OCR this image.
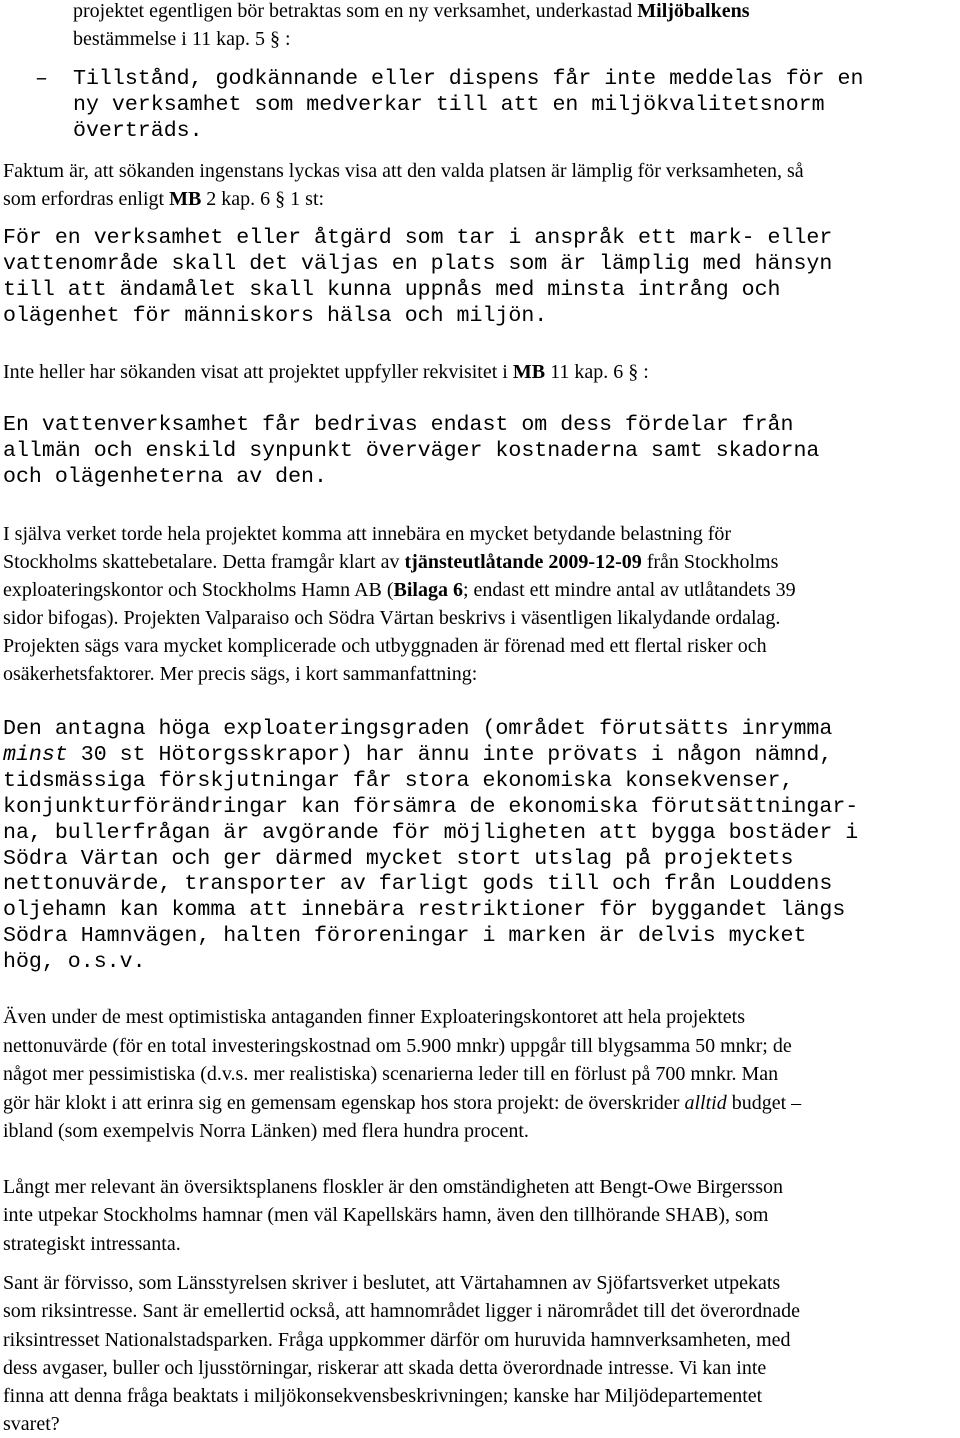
projektet egentligen bör betraktas som en ny verksamhet, underkastad Miljöbalkens
bestämmelse i 11 kap. 5 § :
– Tillstånd, godkännande eller dispens får inte meddelas för en
ny verksamhet som medverkar till att en miljökvalitetsnorm
överträds.
Faktum är, att sökanden ingenstans lyckas visa att den valda platsen är lämplig för verksamheten, så
som erfordras enligt MB 2 kap. 6 § 1 st:
För en verksamhet eller åtgärd som tar i anspråk ett mark- eller
vattenområde skall det väljas en plats som är lämplig med hänsyn
till att ändamålet skall kunna uppnås med minsta intrång och
olägenhet för människors hälsa och miljön.
Inte heller har sökanden visat att projektet uppfyller rekvisitet i MB 11 kap. 6 § :
En vattenverksamhet får bedrivas endast om dess fördelar från
allmän och enskild synpunkt överväger kostnaderna samt skadorna
och olägenheterna av den.
I själva verket torde hela projektet komma att innebära en mycket betydande belastning för
Stockholms skattebetalare. Detta framgår klart av tjänsteutlåtande 2009-12-09 från Stockholms
exploateringskontor och Stockholms Hamn AB (Bilaga 6; endast ett mindre antal av utlåtandets 39
sidor bifogas). Projekten Valparaiso och Södra Värtan beskrivs i väsentligen likalydande ordalag.
Projekten sägs vara mycket komplicerade och utbyggnaden är förenad med ett flertal risker och
osäkerhetsfaktorer. Mer precis sägs, i kort sammanfattning:
Den antagna höga exploateringsgraden (området förutsätts inrymma
minst 30 st Hötorgsskrapor) har ännu inte prövats i någon nämnd,
tidsmässiga förskjutningar får stora ekonomiska konsekvenser,
konjunkturförändringar kan försämra de ekonomiska förutsättningar-
na, bullerfrågan är avgörande för möjligheten att bygga bostäder i
Södra Värtan och ger därmed mycket stort utslag på projektets
nettonuvärde, transporter av farligt gods till och från Louddens
oljehamn kan komma att innebära restriktioner för byggandet längs
Södra Hamnvägen, halten föroreningar i marken är delvis mycket
hög, o.s.v.
Även under de mest optimistiska antaganden finner Exploateringskontoret att hela projektets
nettonuvärde (för en total investeringskostnad om 5.900 mnkr) uppgår till blygsamma 50 mnkr; de
något mer pessimistiska (d.v.s. mer realistiska) scenarierna leder till en förlust på 700 mnkr. Man
gör här klokt i att erinra sig en gemensam egenskap hos stora projekt: de överskrider alltid budget –
ibland (som exempelvis Norra Länken) med flera hundra procent.
Långt mer relevant än översiktsplanens floskler är den omständigheten att Bengt-Owe Birgersson
inte utpekar Stockholms hamnar (men väl Kapellskärs hamn, även den tillhörande SHAB), som
strategiskt intressanta.
Sant är förvisso, som Länsstyrelsen skriver i beslutet, att Värtahamnen av Sjöfartsverket utpekats
som riksintresse. Sant är emellertid också, att hamnområdet ligger i närområdet till det överordnade
riksintresset Nationalstadsparken. Fråga uppkommer därför om huruvida hamnverksamheten, med
dess avgaser, buller och ljusstörningar, riskerar att skada detta överordnade intresse. Vi kan inte
finna att denna fråga beaktats i miljökonsekvensbeskrivningen; kanske har Miljödepartementet
svaret?
